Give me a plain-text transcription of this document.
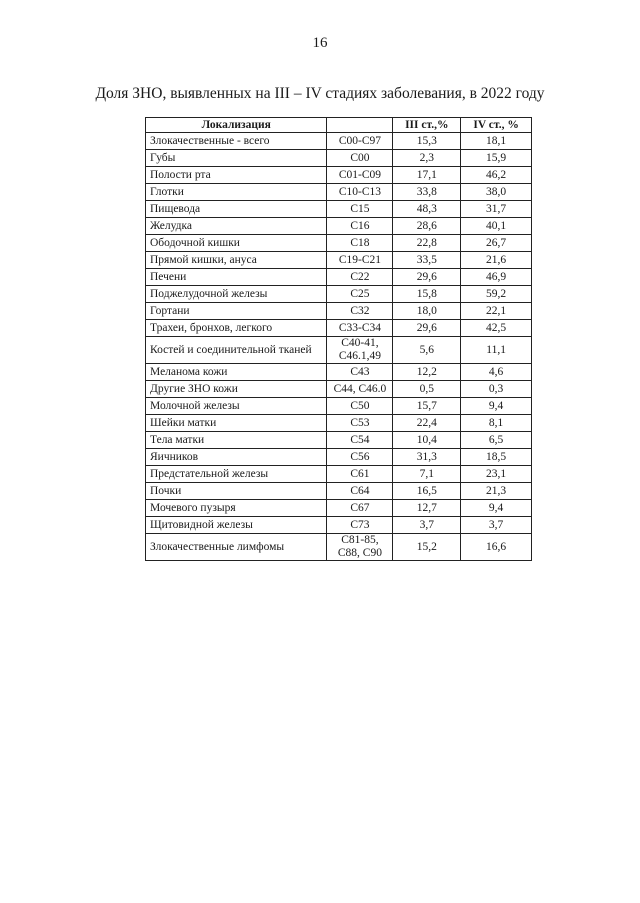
16
Доля ЗНО, выявленных на III – IV стадиях заболевания, в 2022 году
Локализация		III ст.,%	IV ст., %
Злокачественные - всего	C00-C97	15,3	18,1
Губы	C00	2,3	15,9
Полости рта	C01-C09	17,1	46,2
Глотки	C10-C13	33,8	38,0
Пищевода	C15	48,3	31,7
Желудка	C16	28,6	40,1
Ободочной кишки	C18	22,8	26,7
Прямой кишки, ануса	C19-C21	33,5	21,6
Печени	C22	29,6	46,9
Поджелудочной железы	C25	15,8	59,2
Гортани	C32	18,0	22,1
Трахеи, бронхов, легкого	C33-C34	29,6	42,5
Костей и соединительной тканей	C40-41, C46.1,49	5,6	11,1
Меланома кожи	C43	12,2	4,6
Другие ЗНО кожи	C44, C46.0	0,5	0,3
Молочной железы	C50	15,7	9,4
Шейки матки	C53	22,4	8,1
Тела матки	C54	10,4	6,5
Яичников	C56	31,3	18,5
Предстательной железы	C61	7,1	23,1
Почки	C64	16,5	21,3
Мочевого пузыря	C67	12,7	9,4
Щитовидной железы	C73	3,7	3,7
Злокачественные лимфомы	C81-85, C88, C90	15,2	16,6
